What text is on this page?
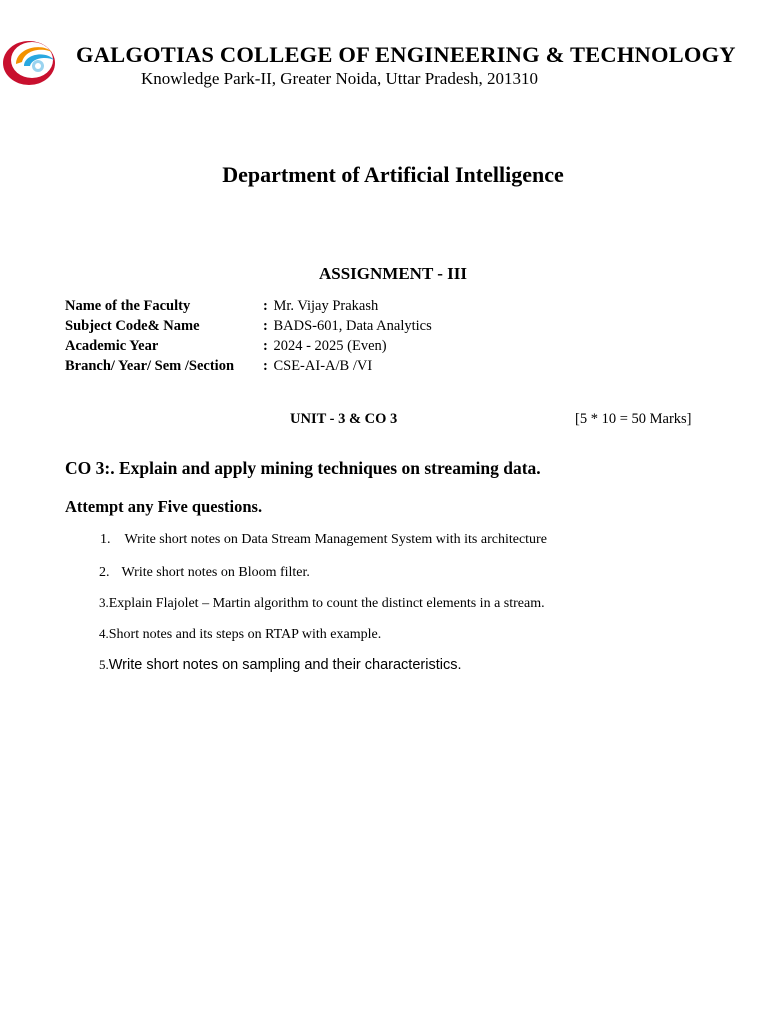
GALGOTIAS COLLEGE OF ENGINEERING & TECHNOLOGY
Knowledge Park-II, Greater Noida, Uttar Pradesh, 201310
Department of Artificial Intelligence
ASSIGNMENT - III
Name of the Faculty	: Mr. Vijay Prakash
Subject Code& Name	: BADS-601, Data Analytics
Academic Year	: 2024 - 2025 (Even)
Branch/ Year/ Sem /Section : CSE-AI-A/B /VI
UNIT - 3 & CO 3	[5 * 10 = 50 Marks]
CO 3:. Explain and apply mining techniques on streaming data.
Attempt any Five questions.
1. Write short notes on Data Stream Management System with its architecture
2. Write short notes on Bloom filter.
3.Explain Flajolet – Martin algorithm to count the distinct elements in a stream.
4.Short notes and its steps on RTAP with example.
5.Write short notes on sampling and their characteristics.
